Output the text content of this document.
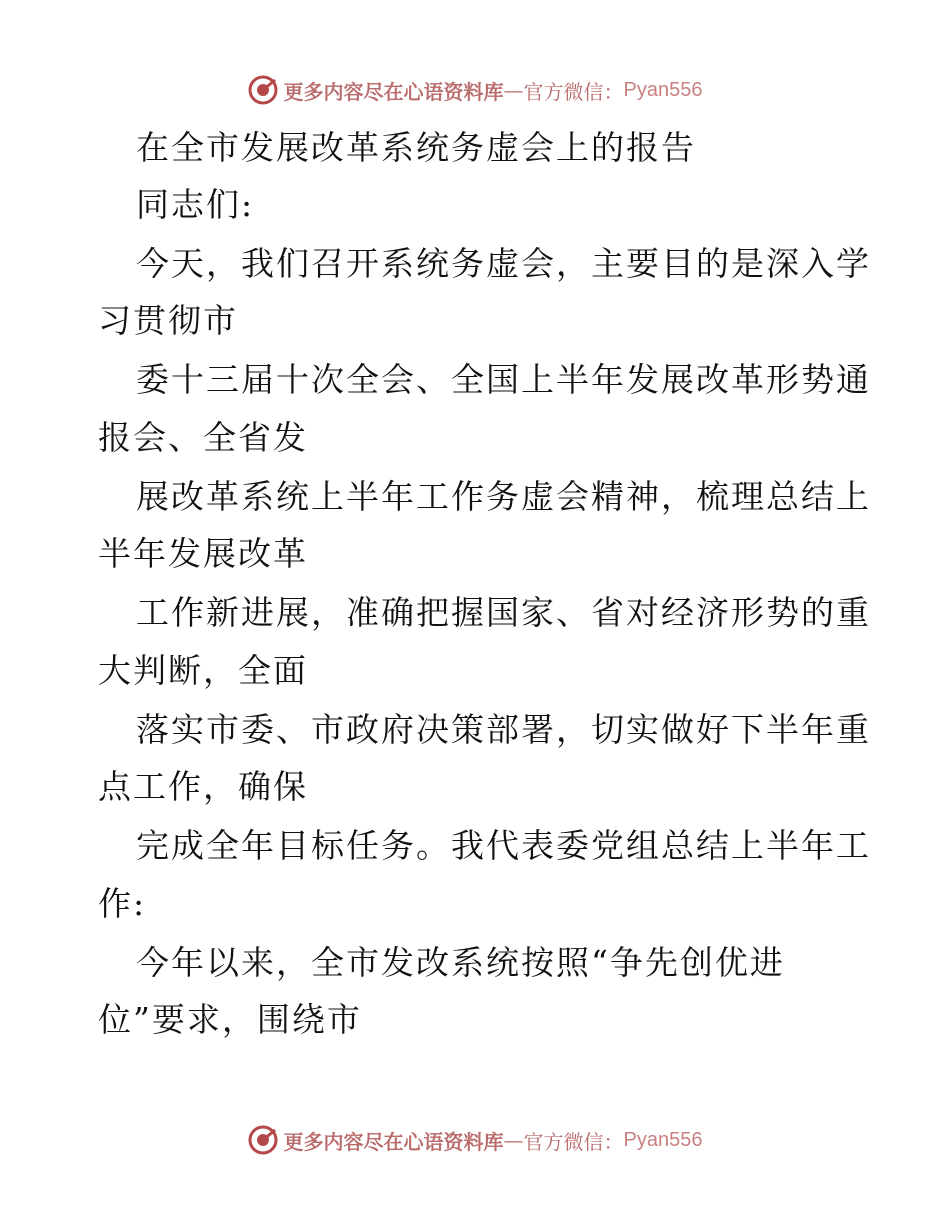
更多内容尽在心语资料库 — 官方微信： Pyan556
在全市发展改革系统务虚会上的报告
同志们:
今天，我们召开系统务虚会，主要目的是深入学
习贯彻市
委十三届十次全会、全国上半年发展改革形势通
报会、全省发
展改革系统上半年工作务虚会精神，梳理总结上
半年发展改革
工作新进展，准确把握国家、省对经济形势的重
大判断，全面
落实市委、市政府决策部署，切实做好下半年重
点工作，确保
完成全年目标任务。我代表委党组总结上半年工
作:
今年以来，全市发改系统按照“争先创优进
位”要求，围绕市
更多内容尽在心语资料库 — 官方微信： Pyan556
